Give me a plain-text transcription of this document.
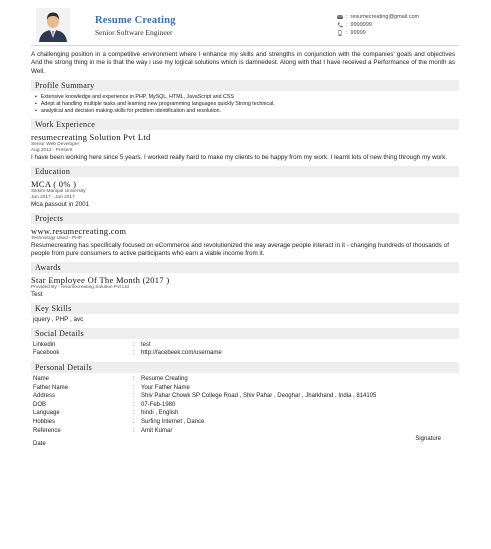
Resume Creating
Senior Software Engineer
: resumecreating@gmail.com
: 9999999
: 99999

A challenging position in a competitive environment where I enhance my skills and strengths in conjunction with the companies' goals and objectives And the strong thing in me is that the way i use my logical solutions which is damnedest. Along with that I have received a Performance of the month as Well.

Profile Summary
▪ Extensive knowledge and experience in PHP, MySQL, HTML, JavaScript and CSS
▪ Adept at handling multiple tasks and learning new programming languages quickly Strong technical,
▪ analytical and decision making skills for problem identification and resolution.
Work Experience
resumecreating Solution Pvt Ltd
Senior Web Developer
Aug 2012 - Present
I have been working here since 5 years. I worked really hard to make my clients to be happy from my work. I learnt lots of new thing through my work.
Education
MCA ( 0% )
Sikkim Manipal University
Jan 2017 - Jan 2017
Mca passout in 2001
Projects
www.resumecreating.com
Technology Used - PHP
Resumecreating has specifically focused on eCommerce and revolutionized the way average people interact in it - changing hundreds of thousands of people from pure consumers to active participants who earn a viable income from it.
Awards
Star Employee Of The Month (2017 )
Provided By : resumecreating Solution Pvt Ltd
Test
Key Skills
jquery , PHP , avc
Social Details
Linkedin	:	test
Facebook	:	http://facebeek.com/username
Personal Details
Name	:	Resume Creating
Father Name	:	Your Father Name
Address	:	Shiv Pahar Chowk SP College Road , Shiv Pahar , Deoghar , Jharkhand , India , 814105
DOB	:	07-Feb-1980
Language	:	hindi , English
Hobbies	:	Surfing Internet , Dance
Reference	:	Amit Kumar
Date
Signature
